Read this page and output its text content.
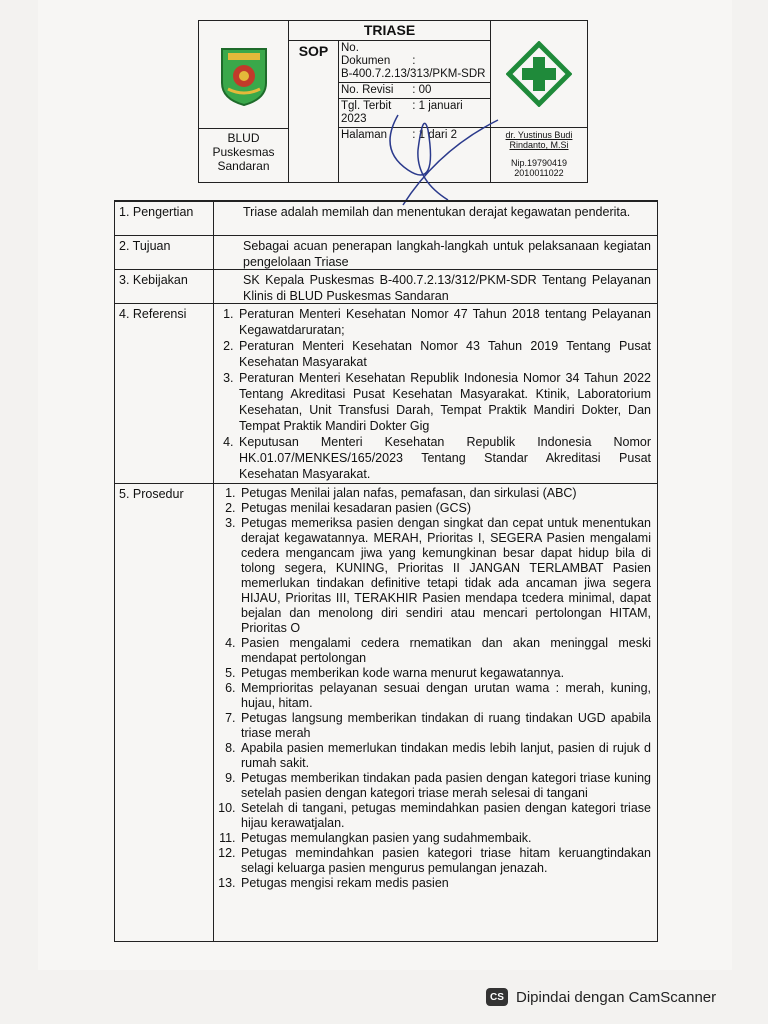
TRIASE
SOP	No. Dokumen :
B-400.7.2.13/313/PKM-SDR
No. Revisi : 00
Tgl. Terbit : 1 januari 2023
Halaman : 1 dari 2
BLUD Puskesmas Sandaran
dr. Yustinus Budi Rindanto, M.Si
Nip.19790419 2010011022
1. Pengertian	Triase adalah memilah dan menentukan derajat kegawatan penderita.
2. Tujuan	Sebagai acuan penerapan langkah-langkah untuk pelaksanaan kegiatan pengelolaan Triase
3. Kebijakan	SK Kepala Puskesmas B-400.7.2.13/312/PKM-SDR Tentang Pelayanan Klinis di BLUD Puskesmas Sandaran
4. Referensi	1. Peraturan Menteri Kesehatan Nomor 47 Tahun 2018 tentang Pelayanan Kegawatdaruratan;
2. Peraturan Menteri Kesehatan Nomor 43 Tahun 2019 Tentang Pusat Kesehatan Masyarakat
3. Peraturan Menteri Kesehatan Republik Indonesia Nomor 34 Tahun 2022 Tentang Akreditasi Pusat Kesehatan Masyarakat. Ktinik, Laboratorium Kesehatan, Unit Transfusi Darah, Tempat Praktik Mandiri Dokter, Dan Tempat Praktik Mandiri Dokter Gig
4. Keputusan Menteri Kesehatan Republik Indonesia Nomor HK.01.07/MENKES/165/2023 Tentang Standar Akreditasi Pusat Kesehatan Masyarakat.
5. Prosedur	1. Petugas Menilai jalan nafas, pemafasan, dan sirkulasi (ABC)
2. Petugas menilai kesadaran pasien (GCS)
3. Petugas memeriksa pasien dengan singkat dan cepat untuk menentukan derajat kegawatannya. MERAH, Prioritas I, SEGERA Pasien mengalami cedera mengancam jiwa yang kemungkinan besar dapat hidup bila di tolong segera, KUNING, Prioritas II JANGAN TERLAMBAT Pasien memerlukan tindakan definitive tetapi tidak ada ancaman jiwa segera HIJAU, Prioritas III, TERAKHIR Pasien mendapa tcedera minimal, dapat bejalan dan menolong diri sendiri atau mencari pertolongan HITAM, Prioritas O
4. Pasien mengalami cedera rnematikan dan akan meninggal meski mendapat pertolongan
5. Petugas memberikan kode warna menurut kegawatannya.
6. Memprioritas pelayanan sesuai dengan urutan wama : merah, kuning, hujau, hitam.
7. Petugas langsung memberikan tindakan di ruang tindakan UGD apabila triase merah
8. Apabila pasien memerlukan tindakan medis lebih lanjut, pasien di rujuk d rumah sakit.
9. Petugas memberikan tindakan pada pasien dengan kategori triase kuning setelah pasien dengan kategori triase merah selesai di tangani
10. Setelah di tangani, petugas memindahkan pasien dengan kategori triase hijau kerawatjalan.
11. Petugas memulangkan pasien yang sudahmembaik.
12. Petugas memindahkan pasien kategori triase hitam keruangtindakan selagi keluarga pasien mengurus pemulangan jenazah.
13. Petugas mengisi rekam medis pasien
CS Dipindai dengan CamScanner
